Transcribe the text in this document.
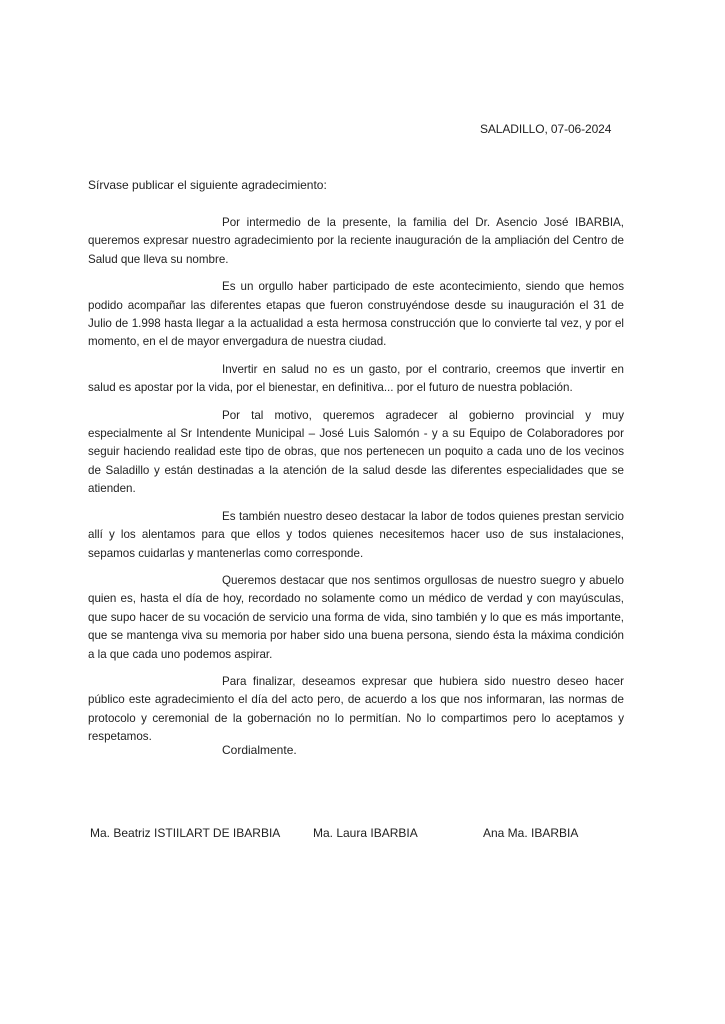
SALADILLO, 07-06-2024
Sírvase publicar el siguiente agradecimiento:

Por intermedio de la presente, la familia del Dr. Asencio José IBARBIA, queremos expresar nuestro agradecimiento por la reciente inauguración de la ampliación del Centro de Salud que lleva su nombre.

Es un orgullo haber participado de este acontecimiento, siendo que hemos podido acompañar las diferentes etapas que fueron construyéndose desde su inauguración el 31 de Julio de 1.998 hasta llegar a la actualidad a esta hermosa construcción que lo convierte tal vez, y por el momento, en el de mayor envergadura de nuestra ciudad.

Invertir en salud no es un gasto, por el contrario, creemos que invertir en salud es apostar por la vida, por el bienestar, en definitiva... por el futuro de nuestra población.

Por tal motivo, queremos agradecer al gobierno provincial y muy especialmente al Sr Intendente Municipal – José Luis Salomón - y a su Equipo de Colaboradores por seguir haciendo realidad este tipo de obras, que nos pertenecen un poquito a cada uno de los vecinos de Saladillo y están destinadas a la atención de la salud desde las diferentes especialidades que se atienden.

Es también nuestro deseo destacar la labor de todos quienes prestan servicio allí y los alentamos para que ellos y todos quienes necesitemos hacer uso de sus instalaciones, sepamos cuidarlas y mantenerlas como corresponde.

Queremos destacar que nos sentimos orgullosas de nuestro suegro y abuelo quien es, hasta el día de hoy, recordado no solamente como un médico de verdad y con mayúsculas, que supo hacer de su vocación de servicio una forma de vida, sino también y lo que es más importante, que se mantenga viva su memoria por haber sido una buena persona, siendo ésta la máxima condición a la que cada uno podemos aspirar.

Para finalizar, deseamos expresar que hubiera sido nuestro deseo hacer público este agradecimiento el día del acto pero, de acuerdo a los que nos informaran, las normas de protocolo y ceremonial de la gobernación no lo permitían. No lo compartimos pero lo aceptamos y respetamos.

Cordialmente.
Ma. Beatriz ISTIILART DE IBARBIA	Ma. Laura IBARBIA	Ana Ma. IBARBIA
